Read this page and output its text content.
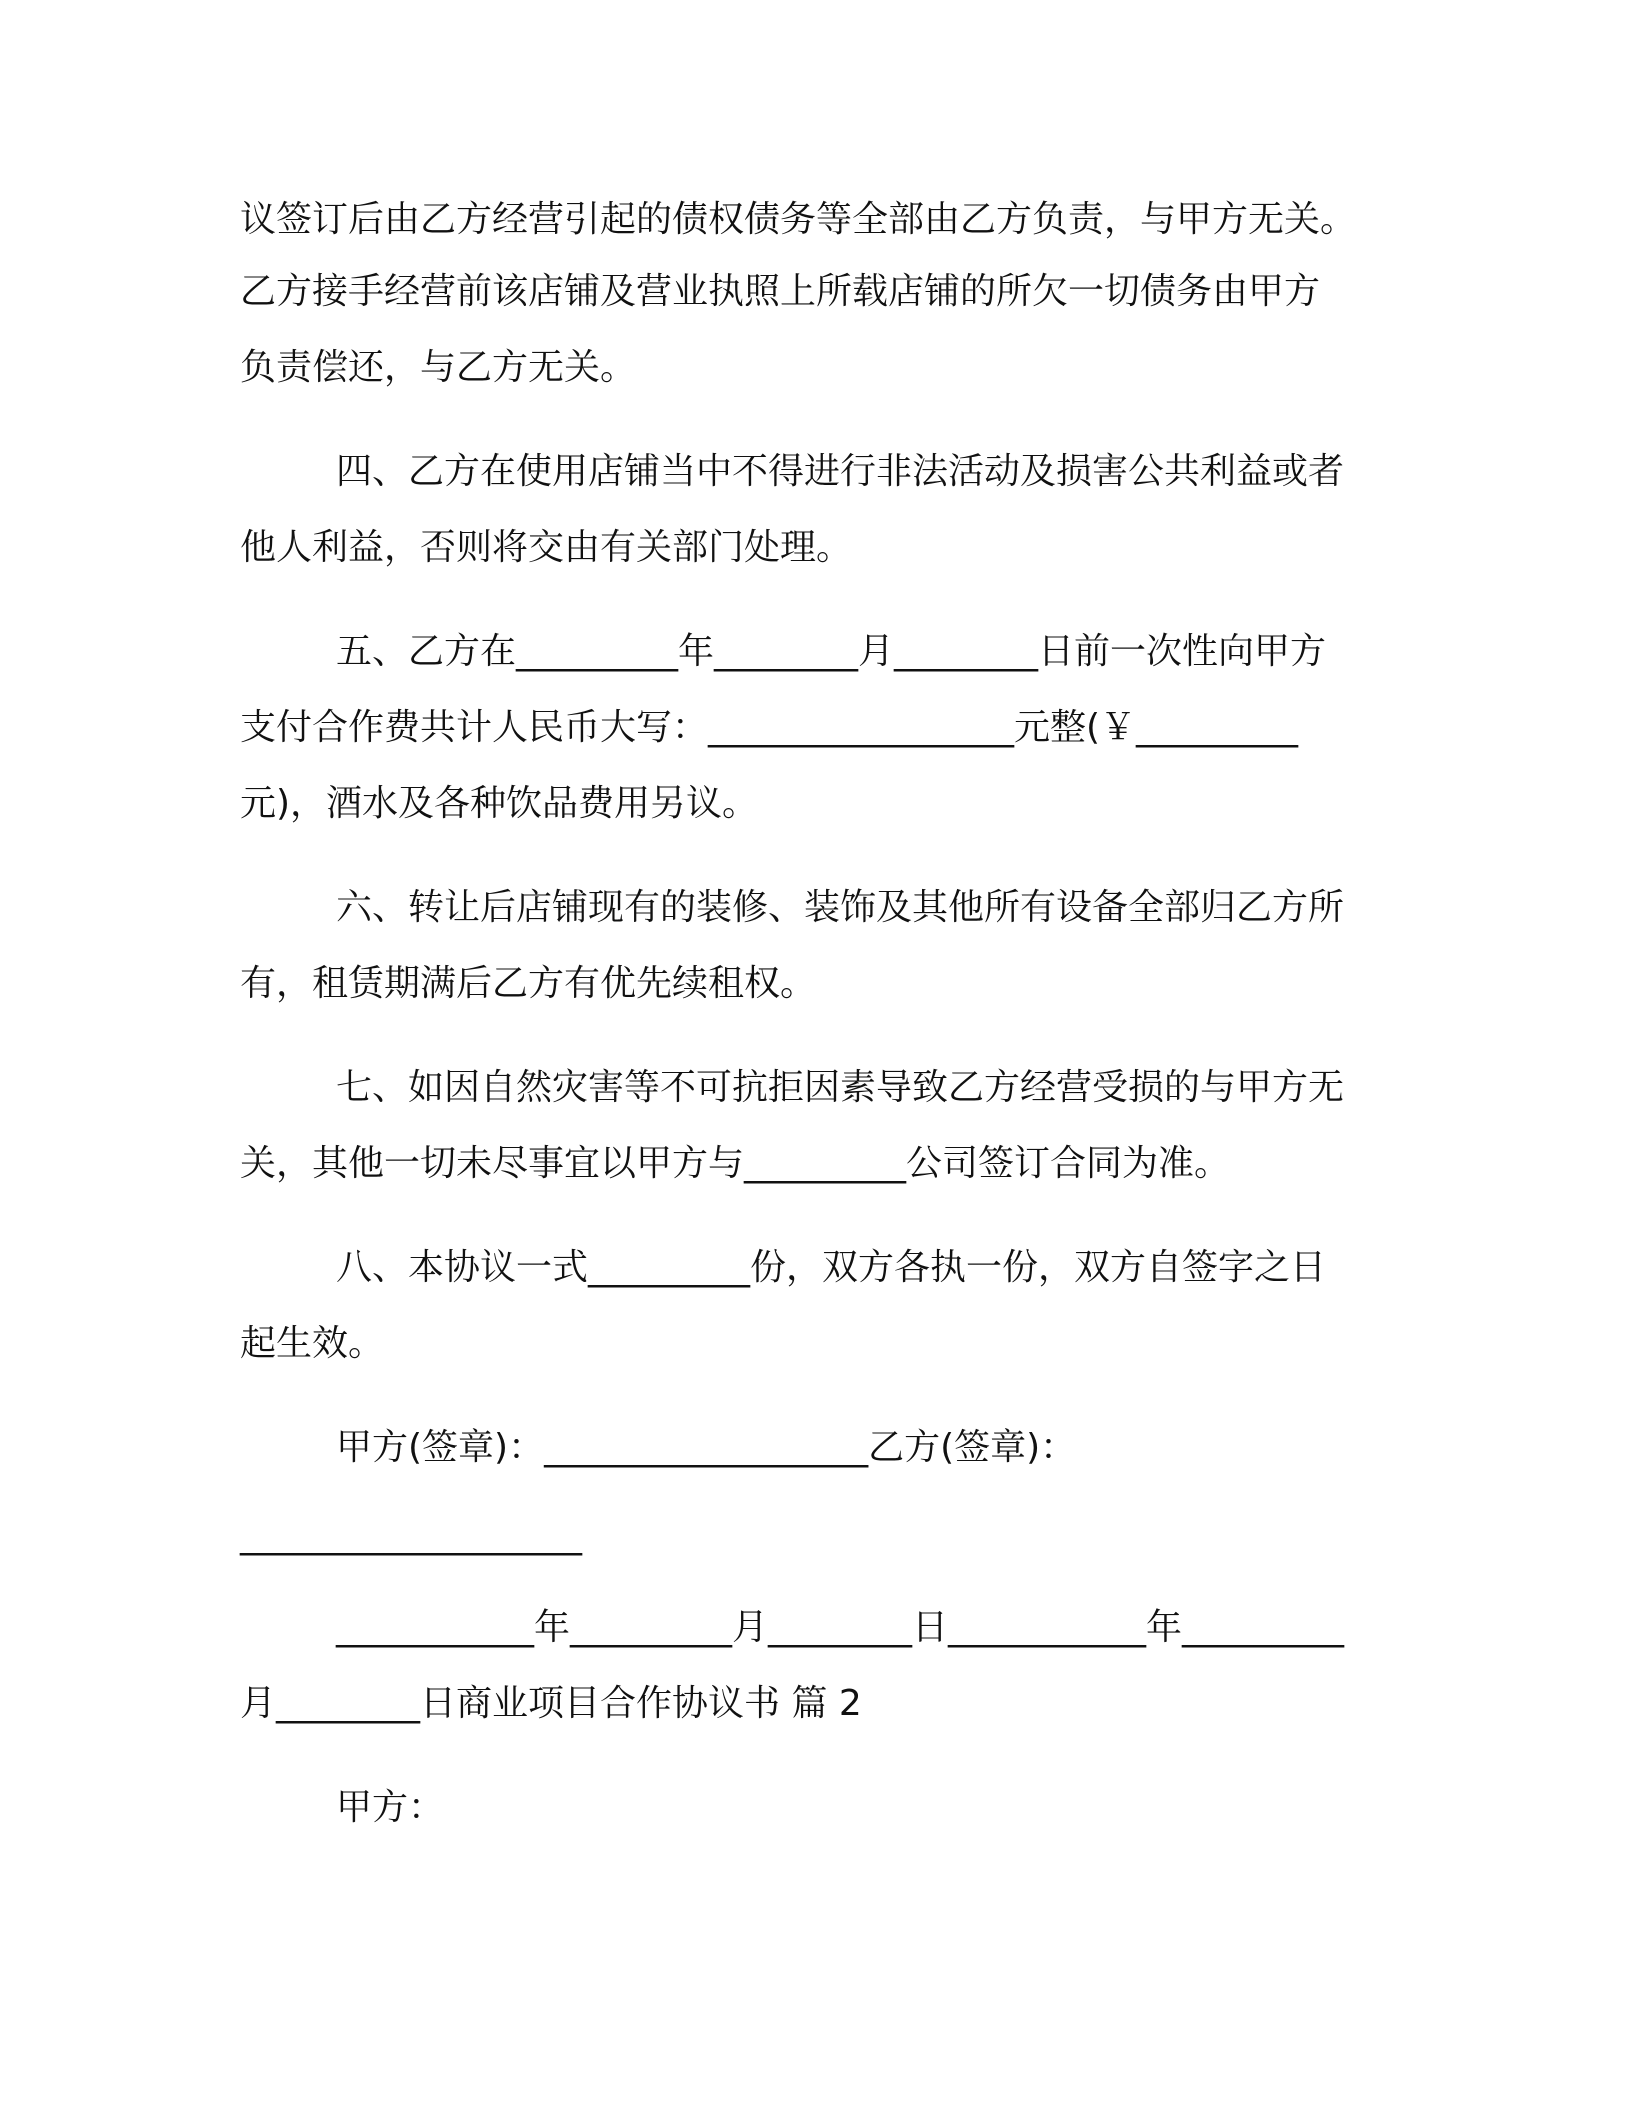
议签订后由乙方经营引起的债权债务等全部由乙方负责，与甲方无关。
乙方接手经营前该店铺及营业执照上所载店铺的所欠一切债务由甲方
负责偿还，与乙方无关。
四、乙方在使用店铺当中不得进行非法活动及损害公共利益或者
他人利益，否则将交由有关部门处理。
五、乙方在_________年________月________日前一次性向甲方
支付合作费共计人民币大写：_________________元整(￥_________
元)，酒水及各种饮品费用另议。
六、转让后店铺现有的装修、装饰及其他所有设备全部归乙方所
有，租赁期满后乙方有优先续租权。
七、如因自然灾害等不可抗拒因素导致乙方经营受损的与甲方无
关，其他一切未尽事宜以甲方与_________公司签订合同为准。
八、本协议一式_________份，双方各执一份，双方自签字之日
起生效。
甲方(签章)：__________________乙方(签章)：
___________________
___________年_________月________日___________年_________
月________日商业项目合作协议书 篇 2
甲方：
